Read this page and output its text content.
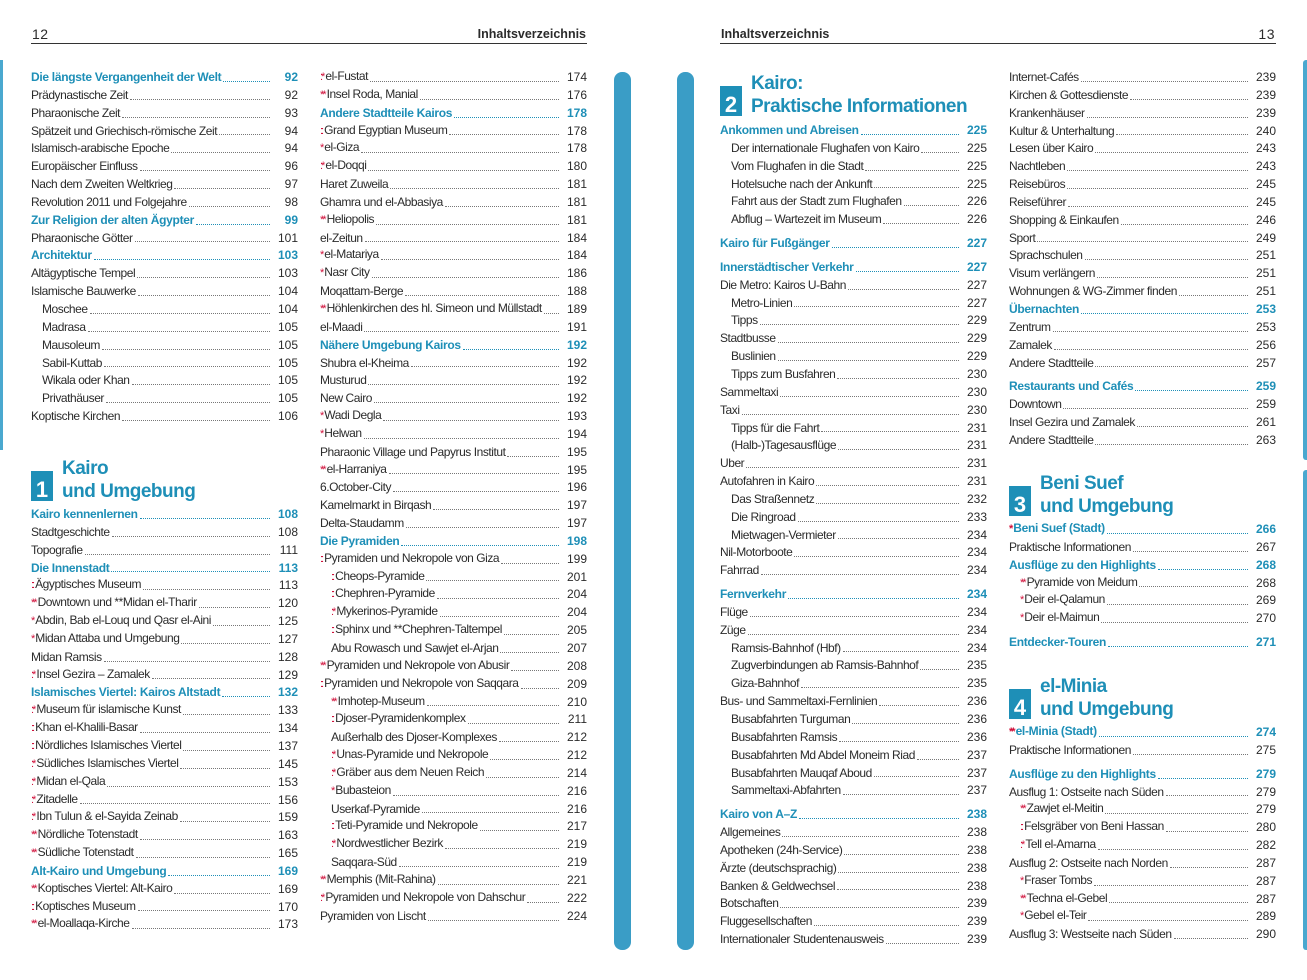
12	Inhaltsverzeichnis	Inhaltsverzeichnis	13
Die längste Vergangenheit der Welt	92
Prädynastische Zeit	92
Pharaonische Zeit	93
Spätzeit und Griechisch-römische Zeit	94
Islamisch-arabische Epoche	94
Europäischer Einfluss	96
Nach dem Zweiten Weltkrieg	97
Revolution 2011 und Folgejahre	98
Zur Religion der alten Ägypter	99
Pharaonische Götter	101
Architektur	103
Altägyptische Tempel	103
Islamische Bauwerke	104
Moschee	104
Madrasa	105
Mausoleum	105
Sabil-Kuttab	105
Wikala oder Khan	105
Privathäuser	105
Koptische Kirchen	106
1
Kairo
und Umgebung
Kairo kennenlernen	108
Stadtgeschichte	108
Topografie	111
Die Innenstadt	113
:: Ägyptisches Museum	113
** Downtown und **Midan el-Tharir	120
* Abdin, Bab el-Louq und Qasr el-Aini	125
* Midan Attaba und Umgebung	127
Midan Ramsis	128
:* Insel Gezira – Zamalek	129
Islamisches Viertel: Kairos Altstadt	132
:* Museum für islamische Kunst	133
:: Khan el-Khalili-Basar	134
:: Nördliches Islamisches Viertel	137
:* Südliches Islamisches Viertel	145
:* Midan el-Qala	153
:* Zitadelle	156
:* Ibn Tulun & el-Sayida Zeinab	159
** Nördliche Totenstadt	163
** Südliche Totenstadt	165
Alt-Kairo und Umgebung	169
** Koptisches Viertel: Alt-Kairo	169
:: Koptisches Museum	170
** el-Moallaqa-Kirche	173
:* el-Fustat	174
** Insel Roda, Manial	176
Andere Stadtteile Kairos	178
:: Grand Egyptian Museum	178
* el-Giza	178
:* el-Doqqi	180
Haret Zuweila	181
Ghamra und el-Abbasiya	181
** Heliopolis	181
el-Zeitun	184
* el-Matariya	184
* Nasr City	186
Moqattam-Berge	188
** Höhlenkirchen des hl. Simeon und Müllstadt 189
el-Maadi	191
Nähere Umgebung Kairos	192
Shubra el-Kheima	192
Musturud	192
New Cairo	192
* Wadi Degla	193
* Helwan	194
Pharaonic Village und Papyrus Institut	195
** el-Harraniya	195
6.October-City	196
Kamelmarkt in Birqash	197
Delta-Staudamm	197
Die Pyramiden	198
:: Pyramiden und Nekropole von Giza	199
:: Cheops-Pyramide	201
:: Chephren-Pyramide	204
:* Mykerinos-Pyramide	204
:: Sphinx und **Chephren-Taltempel	205
Abu Rowasch und Sawjet el-Arjan	207
** Pyramiden und Nekropole von Abusir	208
:: Pyramiden und Nekropole von Saqqara	209
** Imhotep-Museum	210
:: Djoser-Pyramidenkomplex	211
Außerhalb des Djoser-Komplexes	212
:* Unas-Pyramide und Nekropole	212
:* Gräber aus dem Neuen Reich	214
* Bubasteion	216
Userkaf-Pyramide	216
:: Teti-Pyramide und Nekropole	217
:* Nordwestlicher Bezirk	219
Saqqara-Süd	219
** Memphis (Mit-Rahina)	221
:* Pyramiden und Nekropole von Dahschur	222
Pyramiden von Lischt	224
2
Kairo:
Praktische Informationen
Ankommen und Abreisen	225
Der internationale Flughafen von Kairo	225
Vom Flughafen in die Stadt	225
Hotelsuche nach der Ankunft	225
Fahrt aus der Stadt zum Flughafen	226
Abflug – Wartezeit im Museum	226
Kairo für Fußgänger	227
Innerstädtischer Verkehr	227
Die Metro: Kairos U-Bahn	227
Metro-Linien	227
Tipps	229
Stadtbusse	229
Buslinien	229
Tipps zum Busfahren	230
Sammeltaxi	230
Taxi	230
Tipps für die Fahrt	231
(Halb-)Tagesausflüge	231
Uber	231
Autofahren in Kairo	231
Das Straßennetz	232
Die Ringroad	233
Mietwagen-Vermieter	234
Nil-Motorboote	234
Fahrrad	234
Fernverkehr	234
Flüge	234
Züge	234
Ramsis-Bahnhof (Hbf)	234
Zugverbindungen ab Ramsis-Bahnhof	235
Giza-Bahnhof	235
Bus- und Sammeltaxi-Fernlinien	236
Busabfahrten Turguman	236
Busabfahrten Ramsis	236
Busabfahrten Md Abdel Moneim Riad	237
Busabfahrten Mauqaf Aboud	237
Sammeltaxi-Abfahrten	237
Kairo von A–Z	238
Allgemeines	238
Apotheken (24h-Service)	238
Ärzte (deutschsprachig)	238
Banken & Geldwechsel	238
Botschaften	239
Fluggesellschaften	239
Internationaler Studentenausweis	239
Internet-Cafés	239
Kirchen & Gottesdienste	239
Krankenhäuser	239
Kultur & Unterhaltung	240
Lesen über Kairo	243
Nachtleben	243
Reisebüros	245
Reiseführer	245
Shopping & Einkaufen	246
Sport	249
Sprachschulen	251
Visum verlängern	251
Wohnungen & WG-Zimmer finden	251
Übernachten	253
Zentrum	253
Zamalek	256
Andere Stadtteile	257
Restaurants und Cafés	259
Downtown	259
Insel Gezira und Zamalek	261
Andere Stadtteile	263
3
Beni Suef
und Umgebung
* Beni Suef (Stadt)	266
Praktische Informationen	267
Ausflüge zu den Highlights	268
** Pyramide von Meidum	268
* Deir el-Qalamun	269
* Deir el-Maimun	270
Entdecker-Touren	271
4
el-Minia
und Umgebung
** el-Minia (Stadt)	274
Praktische Informationen	275
Ausflüge zu den Highlights	279
Ausflug 1: Ostseite nach Süden	279
** Zawjet el-Meitin	279
:: Felsgräber von Beni Hassan	280
:* Tell el-Amarna	282
Ausflug 2: Ostseite nach Norden	287
* Fraser Tombs	287
** Techna el-Gebel	287
* Gebel el-Teir	289
Ausflug 3: Westseite nach Süden	290
